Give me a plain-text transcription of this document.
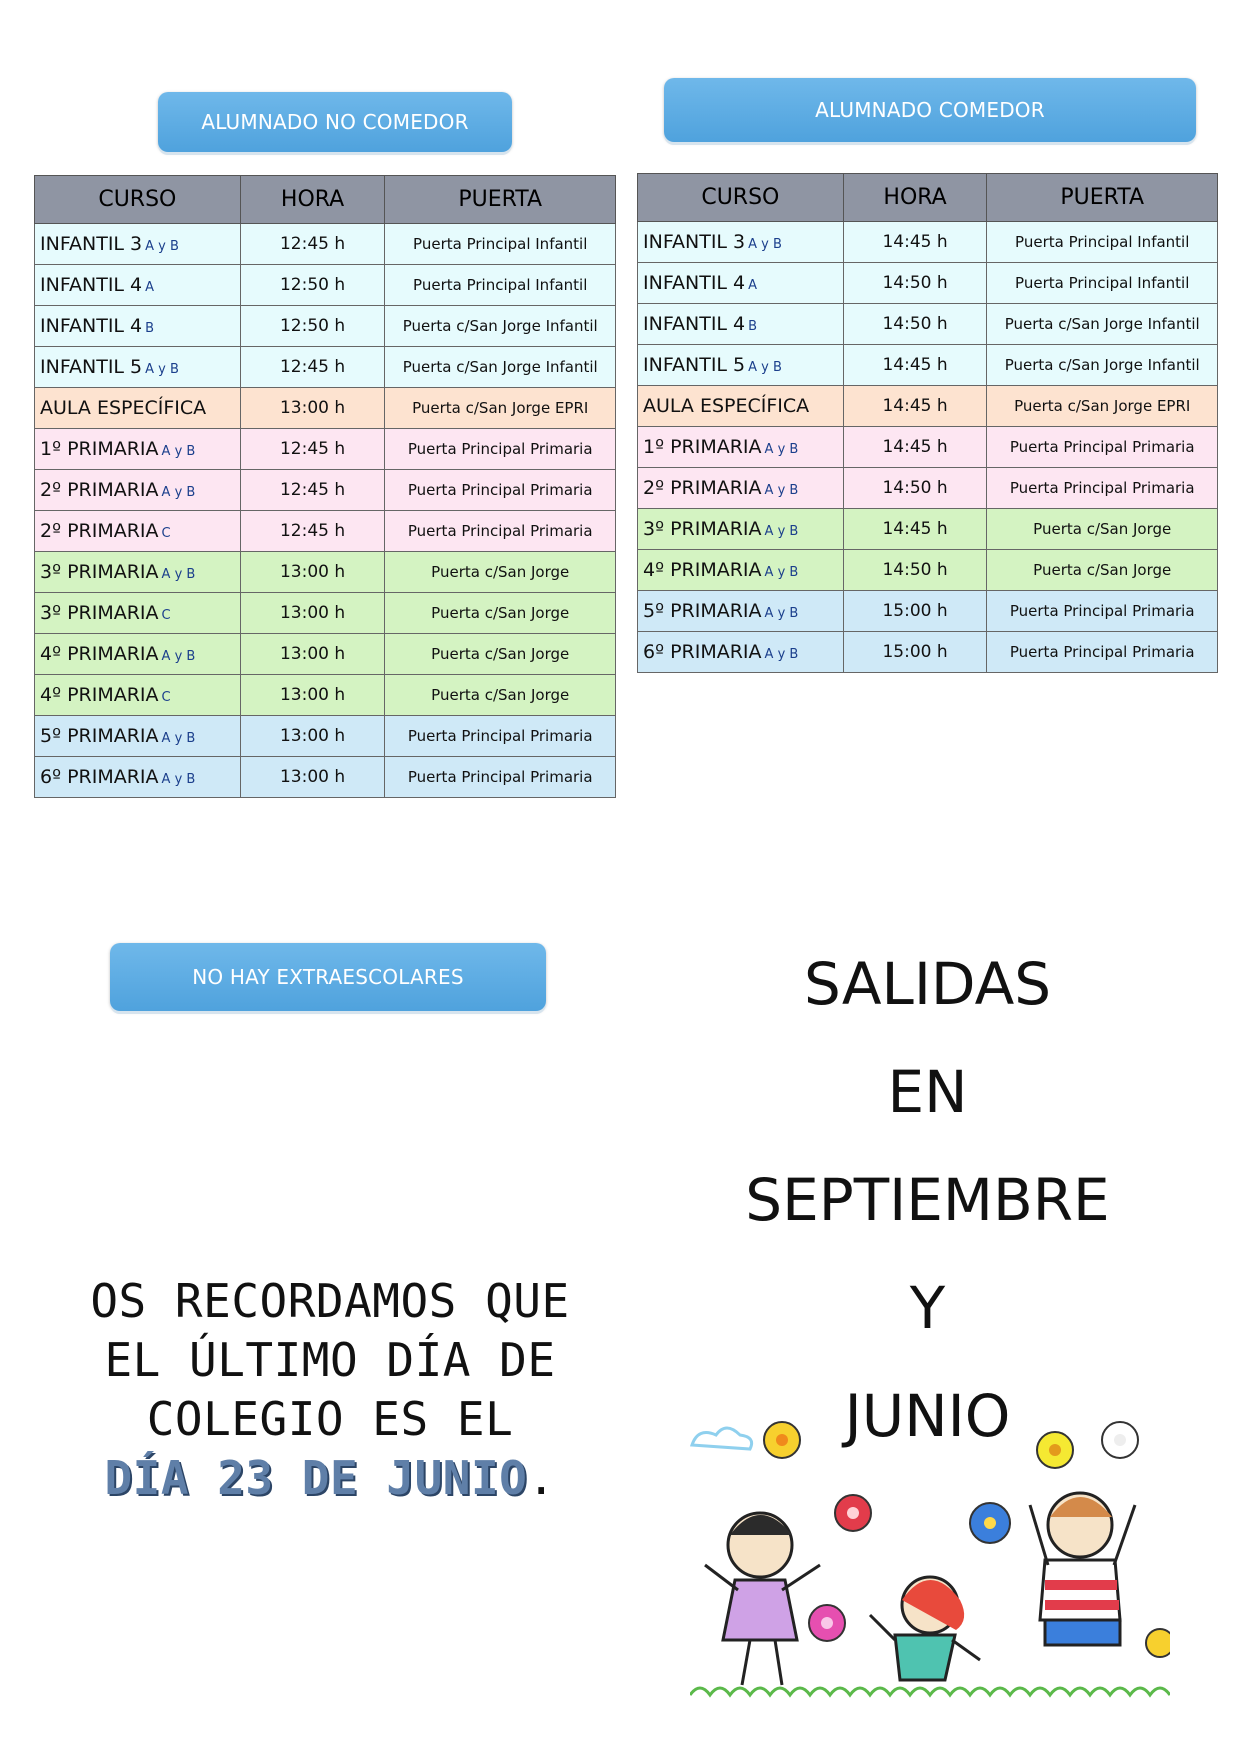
ALUMNADO NO COMEDOR	ALUMNADO COMEDOR
CURSO	HORA	PUERTA
INFANTIL 3 A y B	12:45 h	Puerta Principal Infantil
INFANTIL 4 A	12:50 h	Puerta Principal Infantil
INFANTIL 4 B	12:50 h	Puerta c/San Jorge Infantil
INFANTIL 5 A y B	12:45 h	Puerta c/San Jorge Infantil
AULA ESPECÍFICA	13:00 h	Puerta c/San Jorge EPRI
1º PRIMARIA A y B	12:45 h	Puerta Principal Primaria
2º PRIMARIA A y B	12:45 h	Puerta Principal Primaria
2º PRIMARIA C	12:45 h	Puerta Principal Primaria
3º PRIMARIA A y B	13:00 h	Puerta c/San Jorge
3º PRIMARIA C	13:00 h	Puerta c/San Jorge
4º PRIMARIA A y B	13:00 h	Puerta c/San Jorge
4º PRIMARIA C	13:00 h	Puerta c/San Jorge
5º PRIMARIA A y B	13:00 h	Puerta Principal Primaria
6º PRIMARIA A y B	13:00 h	Puerta Principal Primaria
CURSO	HORA	PUERTA
INFANTIL 3 A y B	14:45 h	Puerta Principal Infantil
INFANTIL 4 A	14:50 h	Puerta Principal Infantil
INFANTIL 4 B	14:50 h	Puerta c/San Jorge Infantil
INFANTIL 5 A y B	14:45 h	Puerta c/San Jorge Infantil
AULA ESPECÍFICA	14:45 h	Puerta c/San Jorge EPRI
1º PRIMARIA A y B	14:45 h	Puerta Principal Primaria
2º PRIMARIA A y B	14:50 h	Puerta Principal Primaria
3º PRIMARIA A y B	14:45 h	Puerta c/San Jorge
4º PRIMARIA A y B	14:50 h	Puerta c/San Jorge
5º PRIMARIA A y B	15:00 h	Puerta Principal Primaria
6º PRIMARIA A y B	15:00 h	Puerta Principal Primaria
NO HAY EXTRAESCOLARES
OS RECORDAMOS QUE
EL ÚLTIMO DÍA DE
COLEGIO ES EL
DÍA 23 DE JUNIO.
SALIDAS
EN
SEPTIEMBRE
Y
JUNIO
